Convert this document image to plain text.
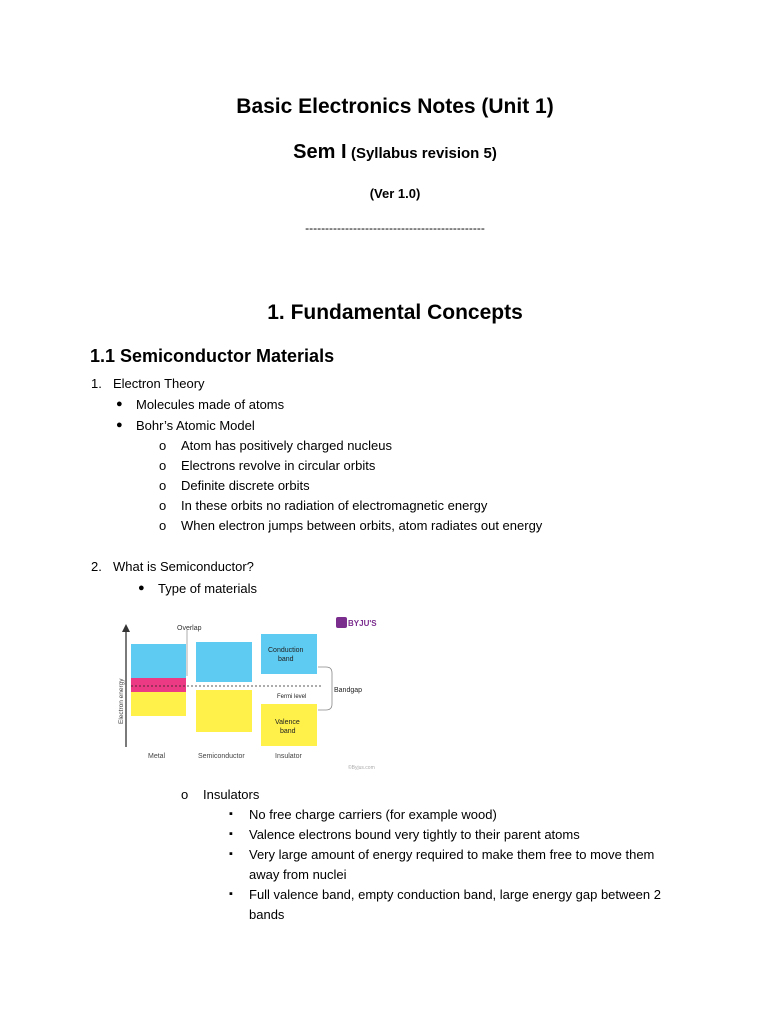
Basic Electronics Notes (Unit 1)
Sem I (Syllabus revision 5)
(Ver 1.0)
---------------------------------------------
1. Fundamental Concepts
1.1 Semiconductor Materials
1. Electron Theory
● Molecules made of atoms
● Bohr’s Atomic Model
o Atom has positively charged nucleus
o Electrons revolve in circular orbits
o Definite discrete orbits
o In these orbits no radiation of electromagnetic energy
o When electron jumps between orbits, atom radiates out energy
2. What is Semiconductor?
● Type of materials
Electron energy
Overlap
Conduction
band
Fermi level
Valence
band
Bandgap
BYJU'S
Metal	Semiconductor	Insulator
©Byjus.com
o Insulators
▪ No free charge carriers (for example wood)
▪ Valence electrons bound very tightly to their parent atoms
▪ Very large amount of energy required to make them free to move them
away from nuclei
▪ Full valence band, empty conduction band, large energy gap between 2
bands
